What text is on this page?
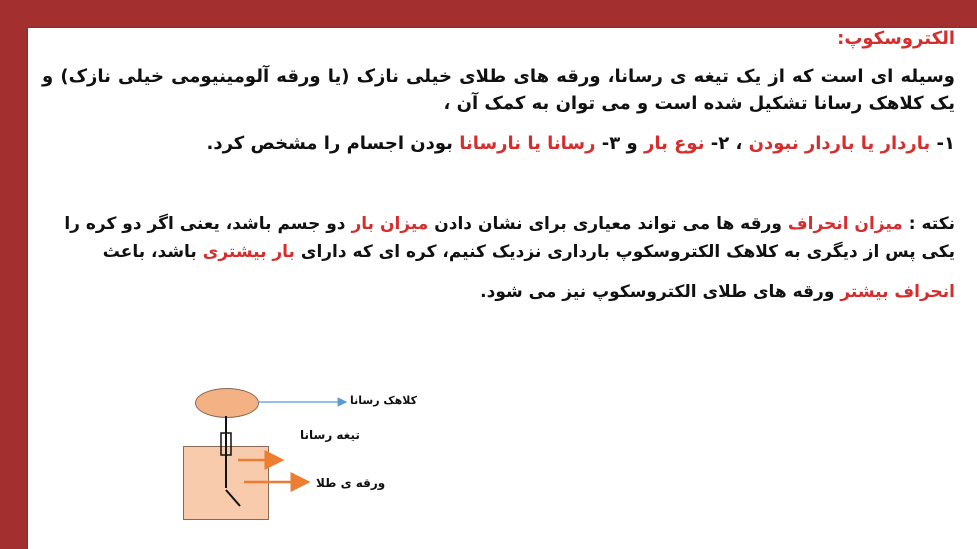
الکتروسکوپ:
وسیله ای است که از یک تیغه ی رسانا، ورقه های طلای خیلی نازک (یا ورقه آلومینیومی خیلی نازک) و یک کلاهک رسانا تشکیل شده است و می توان به کمک آن ،
۱- باردار یا باردار نبودن ، ۲- نوع بار و ۳- رسانا یا نارسانا بودن اجسام را مشخص کرد.
نکته : میزان انحراف ورقه ها می تواند معیاری برای نشان دادن میزان بار دو جسم باشد، یعنی اگر دو کره را یکی پس از دیگری به کلاهک الکتروسکوپ بارداری نزدیک کنیم، کره ای که دارای بار بیشتری باشد، باعث
انحراف بیشتر ورقه های طلای الکتروسکوپ نیز می شود.
کلاهک رسانا
تیغه رسانا
ورقه ی طلا
